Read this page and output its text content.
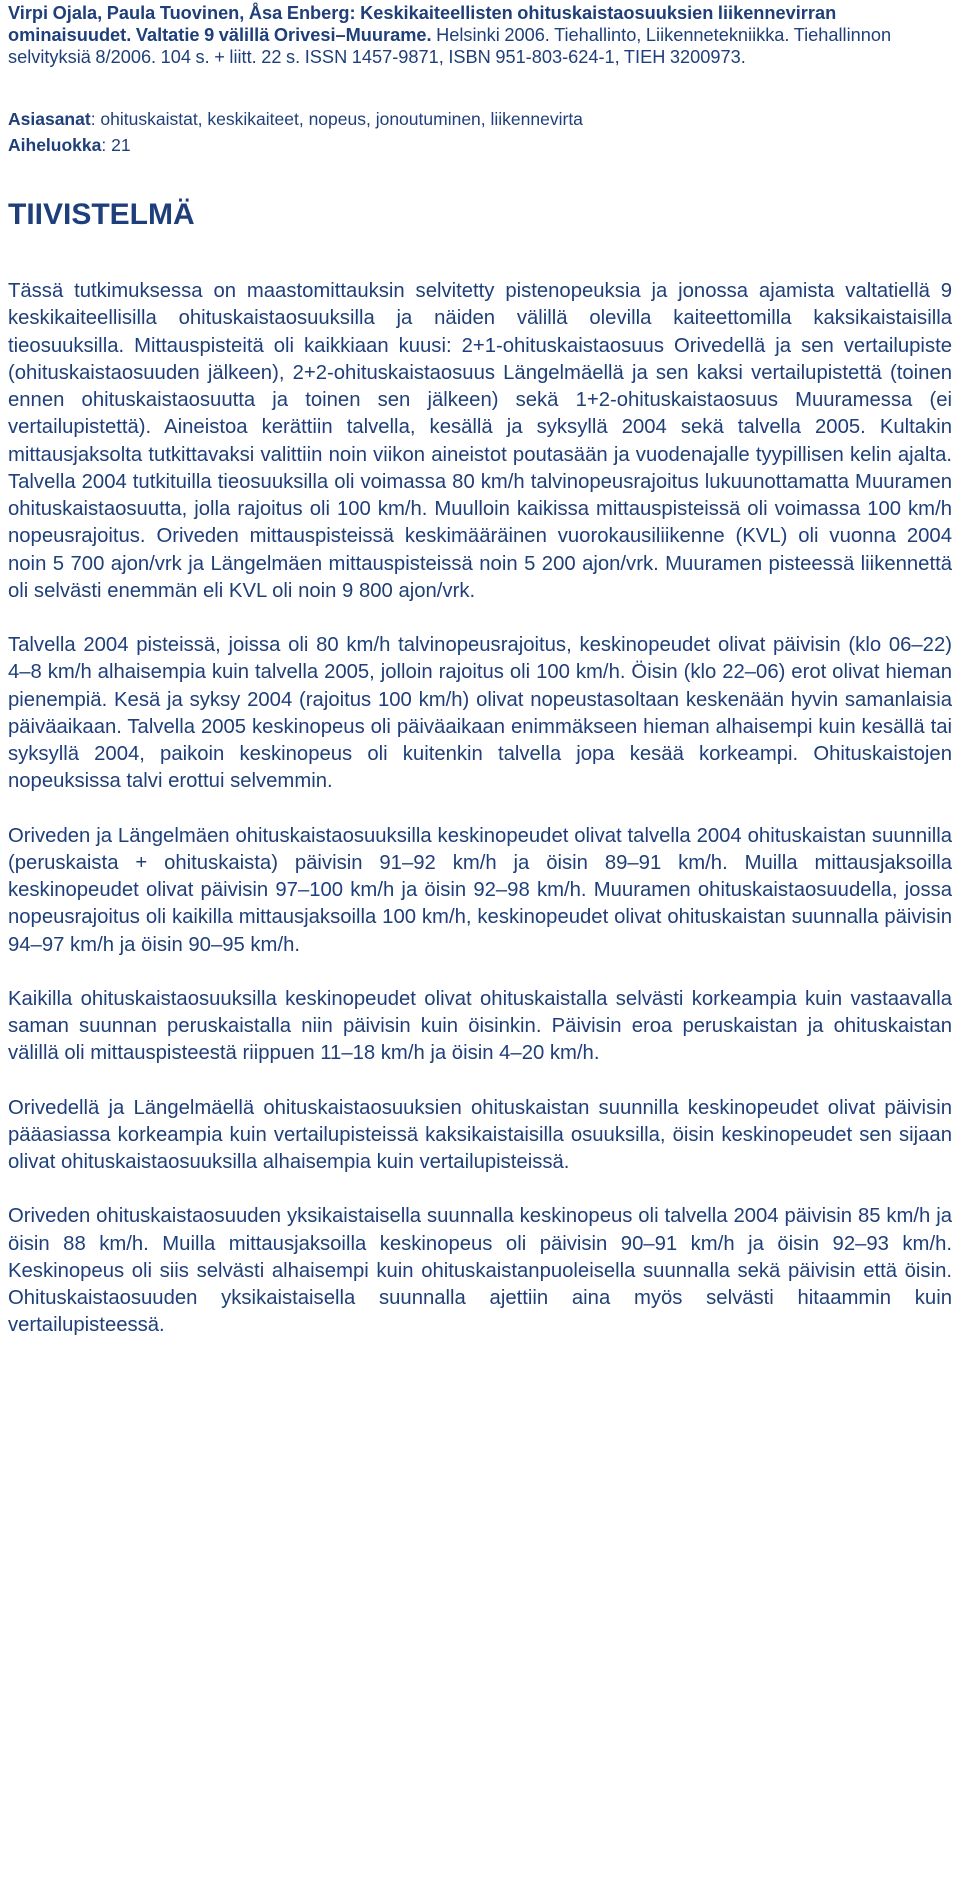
Virpi Ojala, Paula Tuovinen, Åsa Enberg: Keskikaiteellisten ohituskaistaosuuksien liikennevirran ominaisuudet. Valtatie 9 välillä Orivesi–Muurame. Helsinki 2006. Tiehallinto, Liikennetekniikka. Tiehallinnon selvityksiä 8/2006. 104 s. + liitt. 22 s. ISSN 1457-9871, ISBN 951-803-624-1, TIEH 3200973.
Asiasanat: ohituskaistat, keskikaiteet, nopeus, jonoutuminen, liikennevirta
Aiheluokka: 21
TIIVISTELMÄ

Tässä tutkimuksessa on maastomittauksin selvitetty pistenopeuksia ja jonossa ajamista valtatiellä 9 keskikaiteellisilla ohituskaistaosuuksilla ja näiden välillä olevilla kaiteettomilla kaksikaistaisilla tieosuuksilla. Mittauspisteitä oli kaikkiaan kuusi: 2+1-ohituskaistaosuus Orivedellä ja sen vertailupiste (ohituskaistaosuuden jälkeen), 2+2-ohituskaistaosuus Längelmäellä ja sen kaksi vertailupistettä (toinen ennen ohituskaistaosuutta ja toinen sen jälkeen) sekä 1+2-ohituskaistaosuus Muuramessa (ei vertailupistettä). Aineistoa kerättiin talvella, kesällä ja syksyllä 2004 sekä talvella 2005. Kultakin mittausjaksolta tutkittavaksi valittiin noin viikon aineistot poutasään ja vuodenajalle tyypillisen kelin ajalta. Talvella 2004 tutkituilla tieosuuksilla oli voimassa 80 km/h talvinopeusrajoitus lukuunottamatta Muuramen ohituskaistaosuutta, jolla rajoitus oli 100 km/h. Muulloin kaikissa mittauspisteissä oli voimassa 100 km/h nopeusrajoitus. Oriveden mittauspisteissä keskimääräinen vuorokausiliikenne (KVL) oli vuonna 2004 noin 5 700 ajon/vrk ja Längelmäen mittauspisteissä noin 5 200 ajon/vrk. Muuramen pisteessä liikennettä oli selvästi enemmän eli KVL oli noin 9 800 ajon/vrk.

Talvella 2004 pisteissä, joissa oli 80 km/h talvinopeusrajoitus, keskinopeudet olivat päivisin (klo 06–22) 4–8 km/h alhaisempia kuin talvella 2005, jolloin rajoitus oli 100 km/h. Öisin (klo 22–06) erot olivat hieman pienempiä. Kesä ja syksy 2004 (rajoitus 100 km/h) olivat nopeustasoltaan keskenään hyvin samanlaisia päiväaikaan. Talvella 2005 keskinopeus oli päiväaikaan enimmäkseen hieman alhaisempi kuin kesällä tai syksyllä 2004, paikoin keskinopeus oli kuitenkin talvella jopa kesää korkeampi. Ohituskaistojen nopeuksissa talvi erottui selvemmin.

Oriveden ja Längelmäen ohituskaistaosuuksilla keskinopeudet olivat talvella 2004 ohituskaistan suunnilla (peruskaista + ohituskaista) päivisin 91–92 km/h ja öisin 89–91 km/h. Muilla mittausjaksoilla keskinopeudet olivat päivisin 97–100 km/h ja öisin 92–98 km/h. Muuramen ohituskaistaosuudella, jossa nopeusrajoitus oli kaikilla mittausjaksoilla 100 km/h, keskinopeudet olivat ohituskaistan suunnalla päivisin 94–97 km/h ja öisin 90–95 km/h.

Kaikilla ohituskaistaosuuksilla keskinopeudet olivat ohituskaistalla selvästi korkeampia kuin vastaavalla saman suunnan peruskaistalla niin päivisin kuin öisinkin. Päivisin eroa peruskaistan ja ohituskaistan välillä oli mittauspisteestä riippuen 11–18 km/h ja öisin 4–20 km/h.

Orivedellä ja Längelmäellä ohituskaistaosuuksien ohituskaistan suunnilla keskinopeudet olivat päivisin pääasiassa korkeampia kuin vertailupisteissä kaksikaistaisilla osuuksilla, öisin keskinopeudet sen sijaan olivat ohituskaistaosuuksilla alhaisempia kuin vertailupisteissä.

Oriveden ohituskaistaosuuden yksikaistaisella suunnalla keskinopeus oli talvella 2004 päivisin 85 km/h ja öisin 88 km/h. Muilla mittausjaksoilla keskinopeus oli päivisin 90–91 km/h ja öisin 92–93 km/h. Keskinopeus oli siis selvästi alhaisempi kuin ohituskaistanpuoleisella suunnalla sekä päivisin että öisin. Ohituskaistaosuuden yksikaistaisella suunnalla ajettiin aina myös selvästi hitaammin kuin vertailupisteessä.
